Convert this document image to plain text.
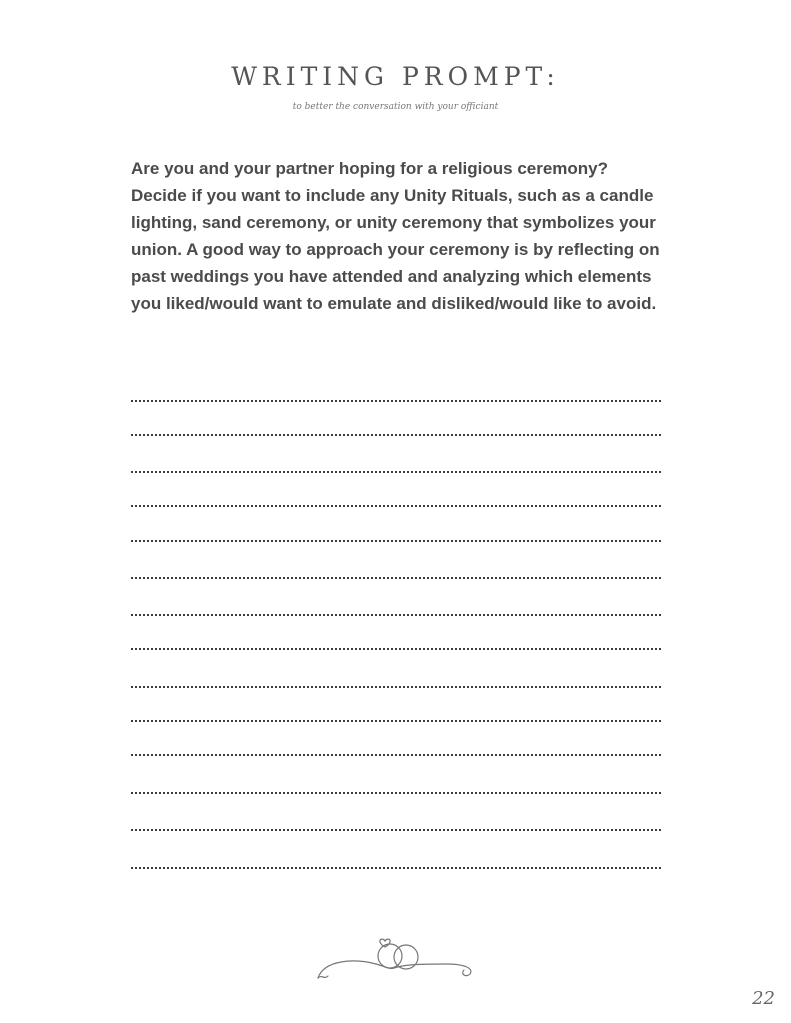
WRITING PROMPT:
to better the conversation with your officiant
Are you and your partner hoping for a religious ceremony? Decide if you want to include any Unity Rituals, such as a candle lighting, sand ceremony, or unity ceremony that symbolizes your union. A good way to approach your ceremony is by reflecting on past weddings you have attended and analyzing which elements you liked/would want to emulate and disliked/would like to avoid.
22
